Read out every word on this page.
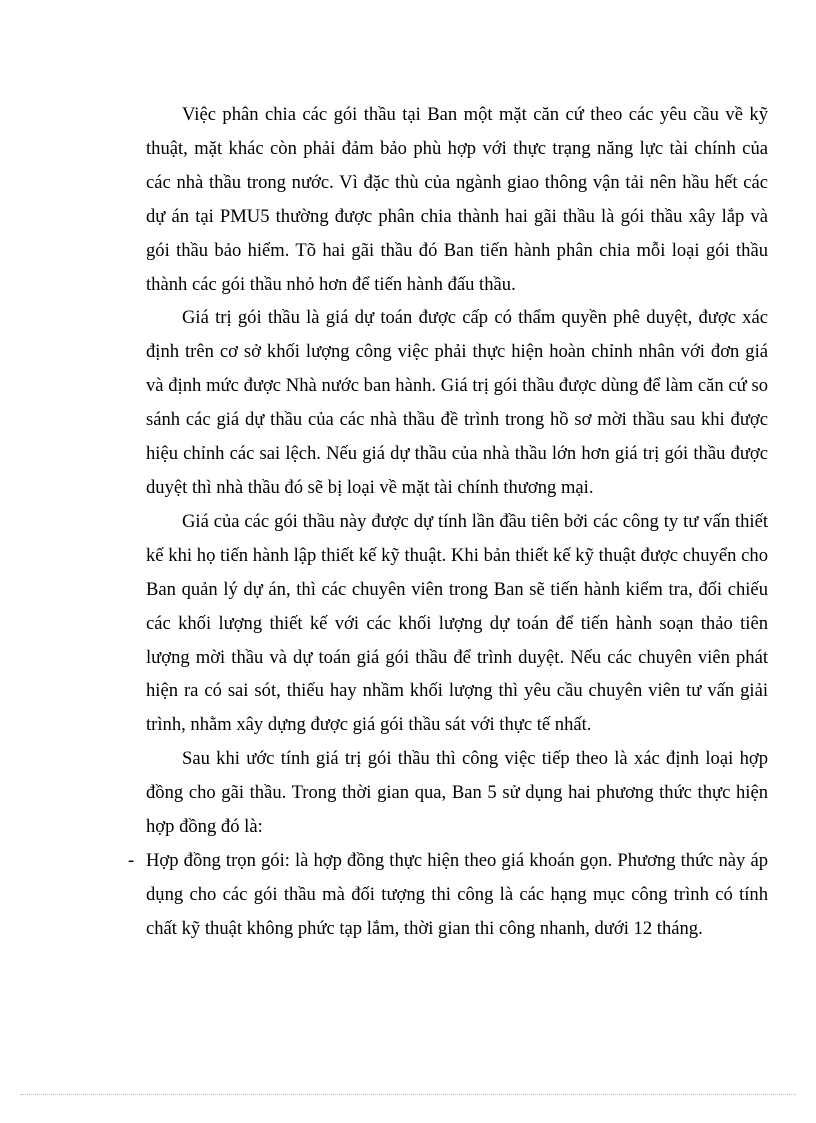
Việc phân chia các gói thầu tại Ban một mặt căn cứ theo các yêu cầu về kỹ thuật, mặt khác còn phải đảm bảo phù hợp với thực trạng năng lực tài chính của các nhà thầu trong nước. Vì đặc thù của ngành giao thông vận tải nên hầu hết các dự án tại PMU5 thường được phân chia thành hai gãi thầu là gói thầu xây lắp và gói thầu bảo hiểm. Tõ hai gãi thầu đó Ban tiến hành phân chia mỗi loại gói thầu thành các gói thầu nhỏ hơn để tiến hành đấu thầu.

Giá trị gói thầu là giá dự toán được cấp có thẩm quyền phê duyệt, được xác định trên cơ sở khối lượng công việc phải thực hiện hoàn chỉnh nhân với đơn giá và định mức được Nhà nước ban hành. Giá trị gói thầu được dùng để làm căn cứ so sánh các giá dự thầu của các nhà thầu đề trình trong hồ sơ mời thầu sau khi được hiệu chỉnh các sai lệch. Nếu giá dự thầu của nhà thầu lớn hơn giá trị gói thầu được duyệt thì nhà thầu đó sẽ bị loại về mặt tài chính thương mại.

Giá của các gói thầu này được dự tính lần đầu tiên bởi các công ty tư vấn thiết kế khi họ tiến hành lập thiết kế kỹ thuật. Khi bản thiết kế kỹ thuật được chuyển cho Ban quản lý dự án, thì các chuyên viên trong Ban sẽ tiến hành kiểm tra, đối chiếu các khối lượng thiết kế với các khối lượng dự toán để tiến hành soạn thảo tiên lượng mời thầu và dự toán giá gói thầu để trình duyệt. Nếu các chuyên viên phát hiện ra có sai sót, thiếu hay nhầm khối lượng thì yêu cầu chuyên viên tư vấn giải trình, nhằm xây dựng được giá gói thầu sát với thực tế nhất.

Sau khi ước tính giá trị gói thầu thì công việc tiếp theo là xác định loại hợp đồng cho gãi thầu. Trong thời gian qua, Ban 5 sử dụng hai phương thức thực hiện hợp đồng đó là:

- Hợp đồng trọn gói: là hợp đồng thực hiện theo giá khoán gọn. Phương thức này áp dụng cho các gói thầu mà đối tượng thi công là các hạng mục công trình có tính chất kỹ thuật không phức tạp lắm, thời gian thi công nhanh, dưới 12 tháng.
